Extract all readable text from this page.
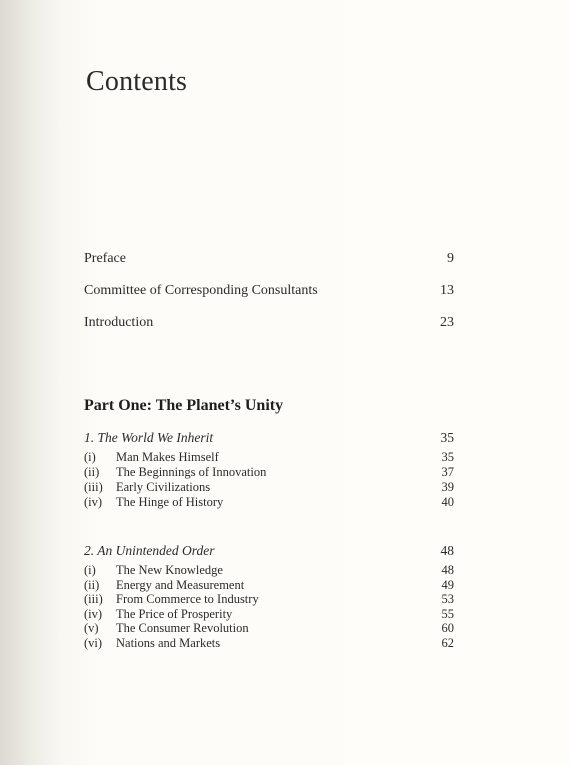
Contents
Preface	9
Committee of Corresponding Consultants	13
Introduction	23
Part One: The Planet’s Unity
1. The World We Inherit	35
(i) Man Makes Himself	35
(ii) The Beginnings of Innovation	37
(iii) Early Civilizations	39
(iv) The Hinge of History	40
2. An Unintended Order	48
(i) The New Knowledge	48
(ii) Energy and Measurement	49
(iii) From Commerce to Industry	53
(iv) The Price of Prosperity	55
(v) The Consumer Revolution	60
(vi) Nations and Markets	62
